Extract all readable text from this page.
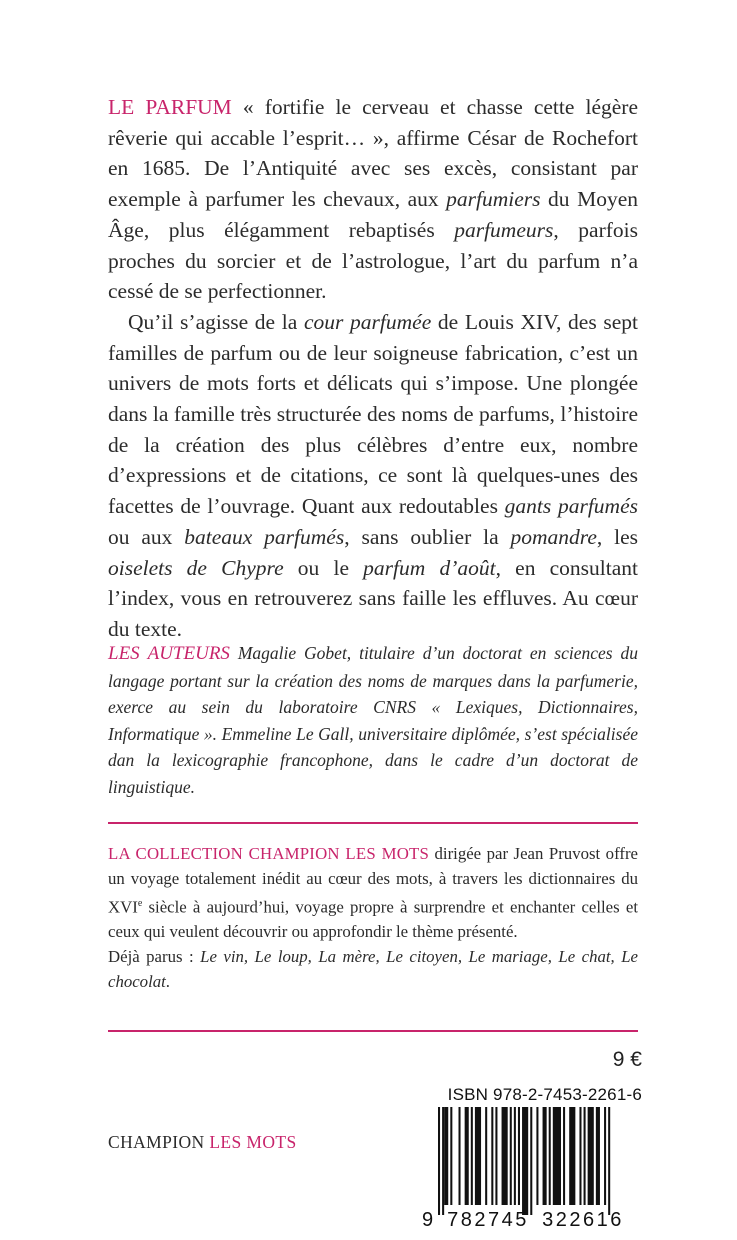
LE PARFUM « fortifie le cerveau et chasse cette légère rêverie qui accable l’esprit… », affirme César de Rochefort en 1685. De l’Antiquité avec ses excès, consistant par exemple à parfumer les chevaux, aux parfumiers du Moyen Âge, plus élégamment rebaptisés parfumeurs, parfois proches du sorcier et de l’astrologue, l’art du parfum n’a cessé de se perfectionner.

Qu’il s’agisse de la cour parfumée de Louis XIV, des sept familles de parfum ou de leur soigneuse fabrication, c’est un univers de mots forts et délicats qui s’impose. Une plongée dans la famille très structurée des noms de parfums, l’histoire de la création des plus célèbres d’entre eux, nombre d’expressions et de citations, ce sont là quelques-unes des facettes de l’ouvrage. Quant aux redoutables gants parfumés ou aux bateaux parfumés, sans oublier la pomandre, les oiselets de Chypre ou le parfum d’août, en consultant l’index, vous en retrouverez sans faille les effluves. Au cœur du texte.

LES AUTEURS Magalie Gobet, titulaire d’un doctorat en sciences du langage portant sur la création des noms de marques dans la parfumerie, exerce au sein du laboratoire CNRS « Lexiques, Dictionnaires, Informatique ». Emmeline Le Gall, universitaire diplômée, s’est spécialisée dan la lexicographie francophone, dans le cadre d’un doctorat de linguistique.

LA COLLECTION CHAMPION LES MOTS dirigée par Jean Pruvost offre un voyage totalement inédit au cœur des mots, à travers les dictionnaires du XVIe siècle à aujourd’hui, voyage propre à surprendre et enchanter celles et ceux qui veulent découvrir ou approfondir le thème présenté.

Déjà parus : Le vin, Le loup, La mère, Le citoyen, Le mariage, Le chat, Le chocolat.

9 €
ISBN 978-2-7453-2261-6
9 782745 322616
CHAMPION LES MOTS
